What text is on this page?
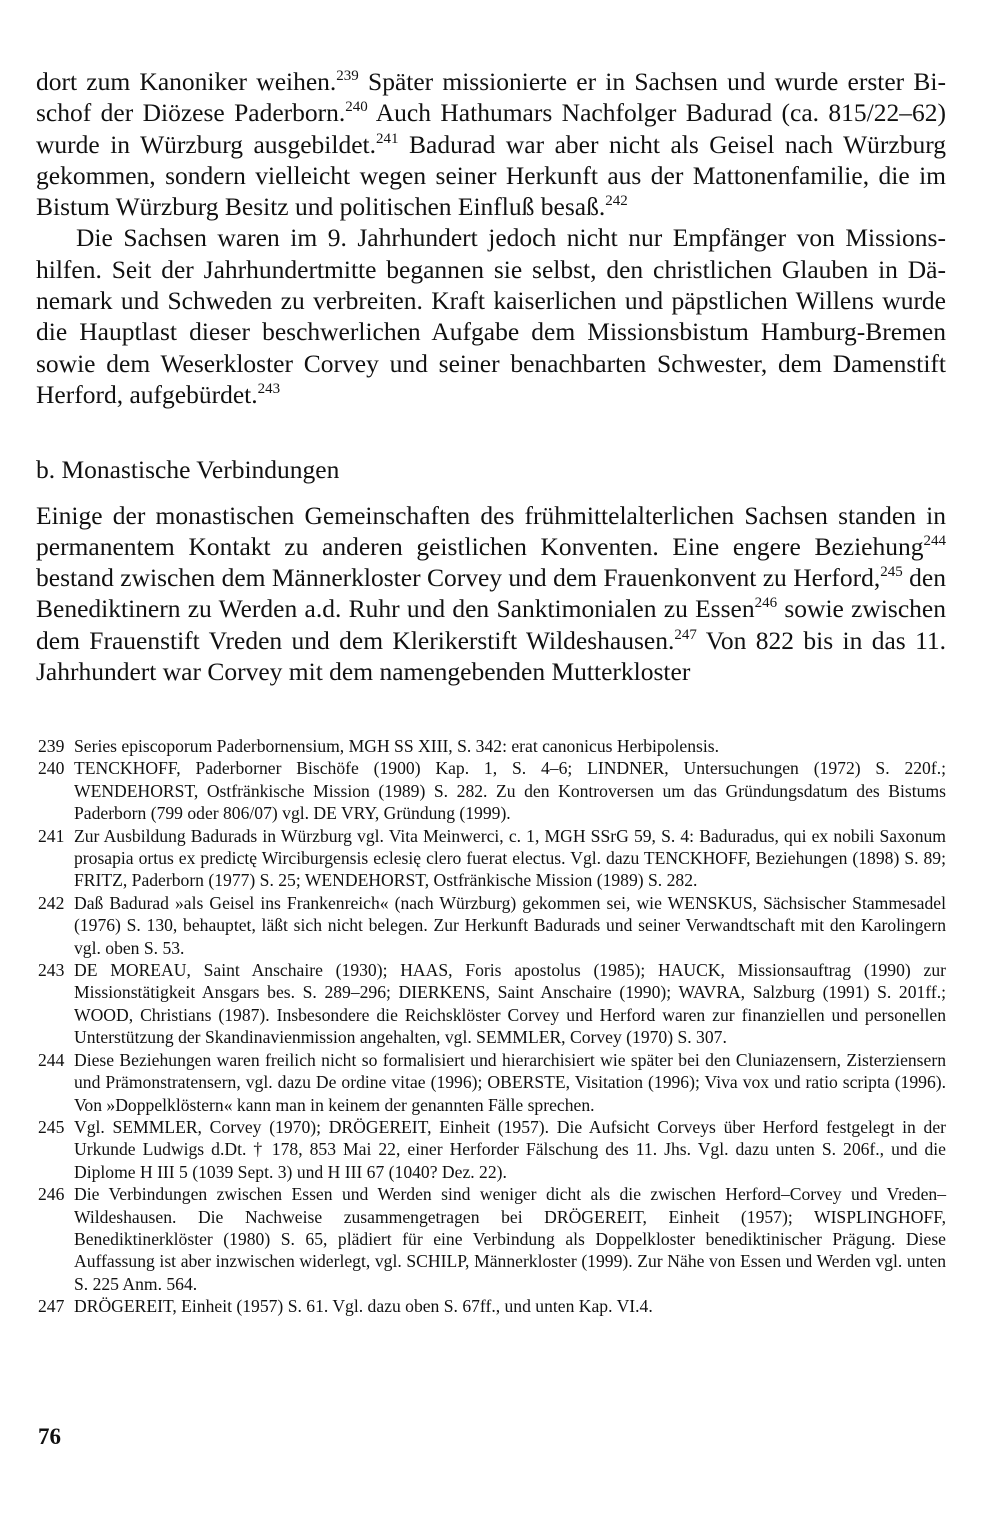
dort zum Kanoniker weihen.$^{239}$ Später missionierte er in Sachsen und wurde erster Bischof der Diözese Paderborn.$^{240}$ Auch Hathumars Nachfolger Badurad (ca. 815/22–62) wurde in Würzburg ausgebildet.$^{241}$ Badurad war aber nicht als Geisel nach Würzburg gekommen, sondern vielleicht wegen seiner Herkunft aus der Mattonenfamilie, die im Bistum Würzburg Besitz und politischen Einfluß besaß.$^{242}$

Die Sachsen waren im 9. Jahrhundert jedoch nicht nur Empfänger von Missionshilfen. Seit der Jahrhundertmitte begannen sie selbst, den christlichen Glauben in Dänemark und Schweden zu verbreiten. Kraft kaiserlichen und päpstlichen Willens wurde die Hauptlast dieser beschwerlichen Aufgabe dem Missionsbistum Hamburg-Bremen sowie dem Weserkloster Corvey und seiner benachbarten Schwester, dem Damenstift Herford, aufgebürdet.$^{243}$

b. Monastische Verbindungen

Einige der monastischen Gemeinschaften des frühmittelalterlichen Sachsen standen in permanentem Kontakt zu anderen geistlichen Konventen. Eine engere Beziehung$^{244}$ bestand zwischen dem Männerkloster Corvey und dem Frauenkonvent zu Herford,$^{245}$ den Benediktinern zu Werden a.d. Ruhr und den Sanktimonialen zu Essen$^{246}$ sowie zwischen dem Frauenstift Vreden und dem Klerikerstift Wildeshausen.$^{247}$ Von 822 bis in das 11. Jahrhundert war Corvey mit dem namengebenden Mutterkloster

239 Series episcoporum Paderbornensium, MGH SS XIII, S. 342: erat canonicus Herbipolensis.
240 TENCKHOFF, Paderborner Bischöfe (1900) Kap. 1, S. 4–6; LINDNER, Untersuchungen (1972) S. 220f.; WENDEHORST, Ostfränkische Mission (1989) S. 282. Zu den Kontroversen um das Gründungsdatum des Bistums Paderborn (799 oder 806/07) vgl. DE VRY, Gründung (1999).
241 Zur Ausbildung Badurads in Würzburg vgl. Vita Meinwerci, c. 1, MGH SSrG 59, S. 4: Baduradus, qui ex nobili Saxonum prosapia ortus ex predictę Wirciburgensis eclesię clero fuerat electus. Vgl. dazu TENCKHOFF, Beziehungen (1898) S. 89; FRITZ, Paderborn (1977) S. 25; WENDEHORST, Ostfränkische Mission (1989) S. 282.
242 Daß Badurad »als Geisel ins Frankenreich« (nach Würzburg) gekommen sei, wie WENSKUS, Sächsischer Stammesadel (1976) S. 130, behauptet, läßt sich nicht belegen. Zur Herkunft Badurads und seiner Verwandtschaft mit den Karolingern vgl. oben S. 53.
243 DE MOREAU, Saint Anschaire (1930); HAAS, Foris apostolus (1985); HAUCK, Missionsauftrag (1990) zur Missionstätigkeit Ansgars bes. S. 289–296; DIERKENS, Saint Anschaire (1990); WAVRA, Salzburg (1991) S. 201ff.; WOOD, Christians (1987). Insbesondere die Reichsklöster Corvey und Herford waren zur finanziellen und personellen Unterstützung der Skandinavienmission angehalten, vgl. SEMMLER, Corvey (1970) S. 307.
244 Diese Beziehungen waren freilich nicht so formalisiert und hierarchisiert wie später bei den Cluniazensern, Zisterziensern und Prämonstratensern, vgl. dazu De ordine vitae (1996); OBERSTE, Visitation (1996); Viva vox und ratio scripta (1996). Von »Doppelklöstern« kann man in keinem der genannten Fälle sprechen.
245 Vgl. SEMMLER, Corvey (1970); DRÖGEREIT, Einheit (1957). Die Aufsicht Corveys über Herford festgelegt in der Urkunde Ludwigs d.Dt. † 178, 853 Mai 22, einer Herforder Fälschung des 11. Jhs. Vgl. dazu unten S. 206f., und die Diplome H III 5 (1039 Sept. 3) und H III 67 (1040? Dez. 22).
246 Die Verbindungen zwischen Essen und Werden sind weniger dicht als die zwischen Herford–Corvey und Vreden–Wildeshausen. Die Nachweise zusammengetragen bei DRÖGEREIT, Einheit (1957); WISPLINGHOFF, Benediktinerklöster (1980) S. 65, plädiert für eine Verbindung als Doppelkloster benediktinischer Prägung. Diese Auffassung ist aber inzwischen widerlegt, vgl. SCHILP, Männerkloster (1999). Zur Nähe von Essen und Werden vgl. unten S. 225 Anm. 564.
247 DRÖGEREIT, Einheit (1957) S. 61. Vgl. dazu oben S. 67ff., und unten Kap. VI.4.
76
